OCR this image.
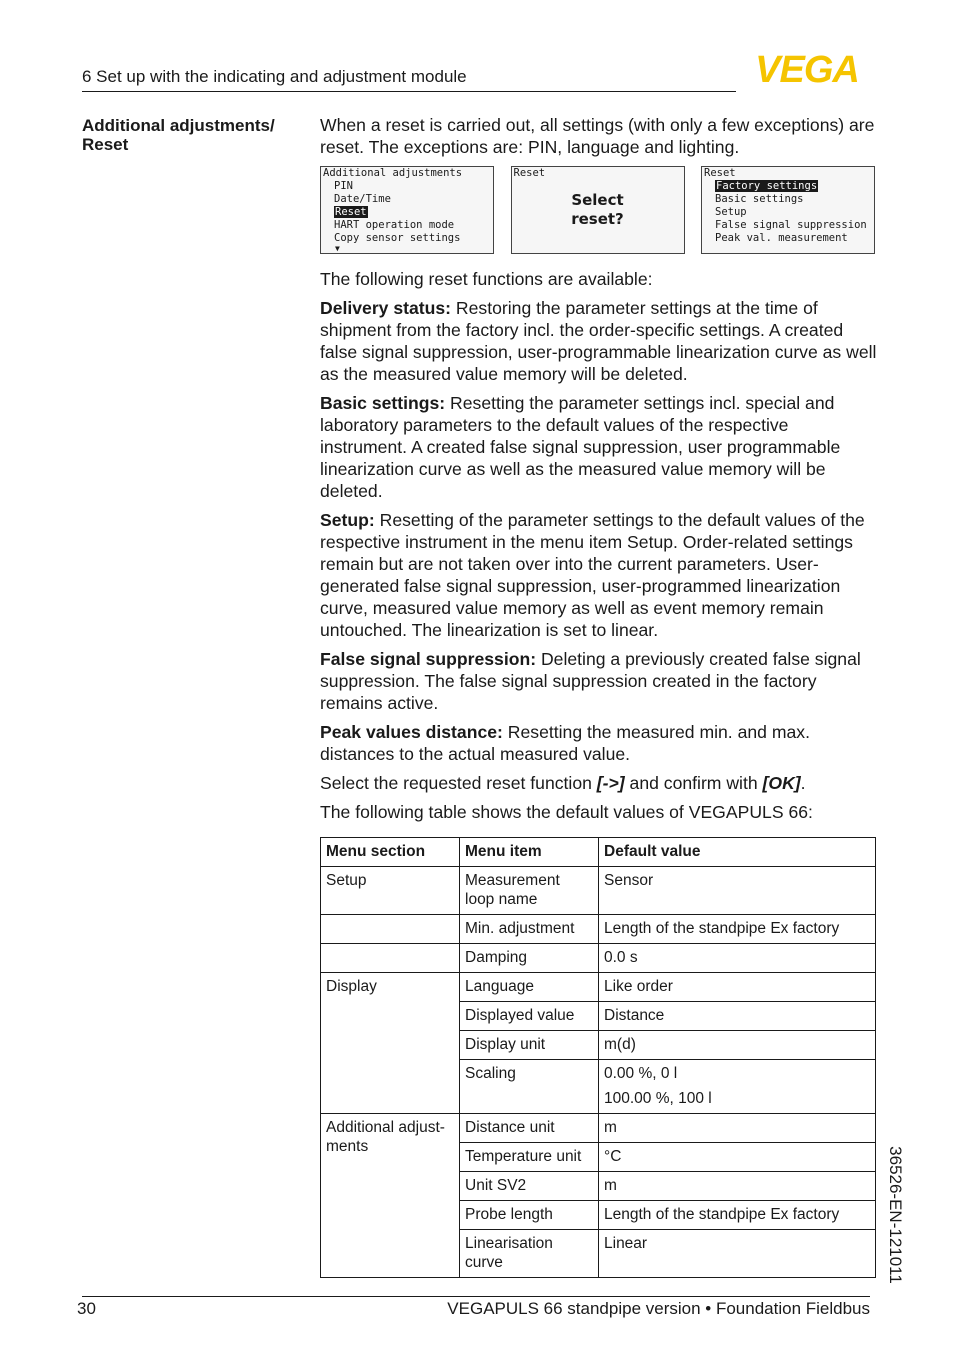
6 Set up with the indicating and adjustment module	VEGA
Additional adjustments/
Reset

When a reset is carried out, all settings (with only a few exceptions) are reset. The exceptions are: PIN, language and lighting.

Additional adjustments
PIN
Date/Time
Reset
HART operation mode
Copy sensor settings
▼
Reset
Select
reset?
Reset
Factory settings
Basic settings
Setup
False signal suppression
Peak val. measurement

The following reset functions are available:

Delivery status: Restoring the parameter settings at the time of shipment from the factory incl. the order-specific settings. A created false signal suppression, user-programmable linearization curve as well as the measured value memory will be deleted.

Basic settings: Resetting the parameter settings incl. special and laboratory parameters to the default values of the respective instrument. A created false signal suppression, user programmable linearization curve as well as the measured value memory will be deleted.

Setup: Resetting of the parameter settings to the default values of the respective instrument in the menu item Setup. Order-related settings remain but are not taken over into the current parameters. User-generated false signal suppression, user-programmed linearization curve, measured value memory as well as event memory remain untouched. The linearization is set to linear.

False signal suppression: Deleting a previously created false signal suppression. The false signal suppression created in the factory remains active.

Peak values distance: Resetting the measured min. and max. distances to the actual measured value.

Select the requested reset function [->] and confirm with [OK].

The following table shows the default values of VEGAPULS 66:

Menu section	Menu item	Default value
Setup	Measurement loop name	Sensor
	Min. adjustment	Length of the standpipe Ex factory
	Damping	0.0 s
Display	Language	Like order
	Displayed value	Distance
	Display unit	m(d)
	Scaling	0.00 %, 0 l
100.00 %, 100 l

Additional adjust-ments	Distance unit	m
	Temperature unit	°C
	Unit SV2	m
	Probe length	Length of the standpipe Ex factory
	Linearisation curve	Linear	36526-EN-121011
30	VEGAPULS 66 standpipe version • Foundation Fieldbus
